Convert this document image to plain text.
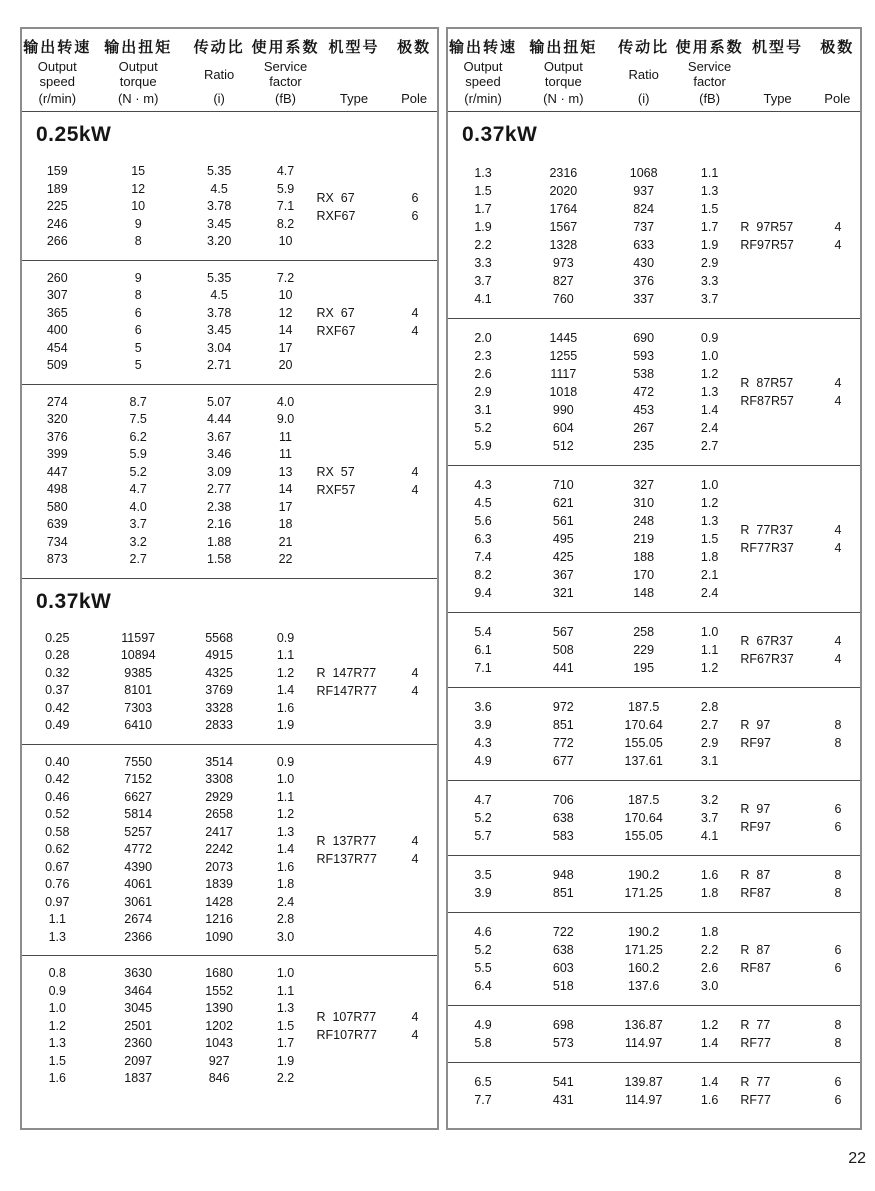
输出转速
Output
speed
(r/min)
输出扭矩
Output
torque
(N · m)
传动比
Ratio
(i)
使用系数
Service
factor
(fB)
机型号
Type
极数
Pole
0.25kW
159	15	5.35	4.7
189	12	4.5	5.9
225	10	3.78	7.1
246	9	3.45	8.2
266	8	3.20	10
RX  67	6
RXF67	6
260	9	5.35	7.2
307	8	4.5	10
365	6	3.78	12
400	6	3.45	14
454	5	3.04	17
509	5	2.71	20
RX  67	4
RXF67	4
274	8.7	5.07	4.0
320	7.5	4.44	9.0
376	6.2	3.67	11
399	5.9	3.46	11
447	5.2	3.09	13
498	4.7	2.77	14
580	4.0	2.38	17
639	3.7	2.16	18
734	3.2	1.88	21
873	2.7	1.58	22
RX  57	4
RXF57	4
0.37kW
0.25	11597	5568	0.9
0.28	10894	4915	1.1
0.32	9385	4325	1.2
0.37	8101	3769	1.4
0.42	7303	3328	1.6
0.49	6410	2833	1.9
R  147R77	4
RF147R77	4
0.40	7550	3514	0.9
0.42	7152	3308	1.0
0.46	6627	2929	1.1
0.52	5814	2658	1.2
0.58	5257	2417	1.3
0.62	4772	2242	1.4
0.67	4390	2073	1.6
0.76	4061	1839	1.8
0.97	3061	1428	2.4
1.1	2674	1216	2.8
1.3	2366	1090	3.0
R  137R77	4
RF137R77	4
0.8	3630	1680	1.0
0.9	3464	1552	1.1
1.0	3045	1390	1.3
1.2	2501	1202	1.5
1.3	2360	1043	1.7
1.5	2097	927	1.9
1.6	1837	846	2.2
R  107R77	4
RF107R77	4
输出转速
Output
speed
(r/min)
输出扭矩
Output
torque
(N · m)
传动比
Ratio
(i)
使用系数
Service
factor
(fB)
机型号
Type
极数
Pole
0.37kW
1.3	2316	1068	1.1
1.5	2020	937	1.3
1.7	1764	824	1.5
1.9	1567	737	1.7
2.2	1328	633	1.9
3.3	973	430	2.9
3.7	827	376	3.3
4.1	760	337	3.7
R  97R57	4
RF97R57	4
2.0	1445	690	0.9
2.3	1255	593	1.0
2.6	1117	538	1.2
2.9	1018	472	1.3
3.1	990	453	1.4
5.2	604	267	2.4
5.9	512	235	2.7
R  87R57	4
RF87R57	4
4.3	710	327	1.0
4.5	621	310	1.2
5.6	561	248	1.3
6.3	495	219	1.5
7.4	425	188	1.8
8.2	367	170	2.1
9.4	321	148	2.4
R  77R37	4
RF77R37	4
5.4	567	258	1.0
6.1	508	229	1.1
7.1	441	195	1.2
R  67R37	4
RF67R37	4
3.6	972	187.5	2.8
3.9	851	170.64	2.7
4.3	772	155.05	2.9
4.9	677	137.61	3.1
R  97	8
RF97	8
4.7	706	187.5	3.2
5.2	638	170.64	3.7
5.7	583	155.05	4.1
R  97	6
RF97	6
3.5	948	190.2	1.6
3.9	851	171.25	1.8
R  87	8
RF87	8
4.6	722	190.2	1.8
5.2	638	171.25	2.2
5.5	603	160.2	2.6
6.4	518	137.6	3.0
R  87	6
RF87	6
4.9	698	136.87	1.2
5.8	573	114.97	1.4
R  77	8
RF77	8
6.5	541	139.87	1.4
7.7	431	114.97	1.6
R  77	6
RF77	6
22
